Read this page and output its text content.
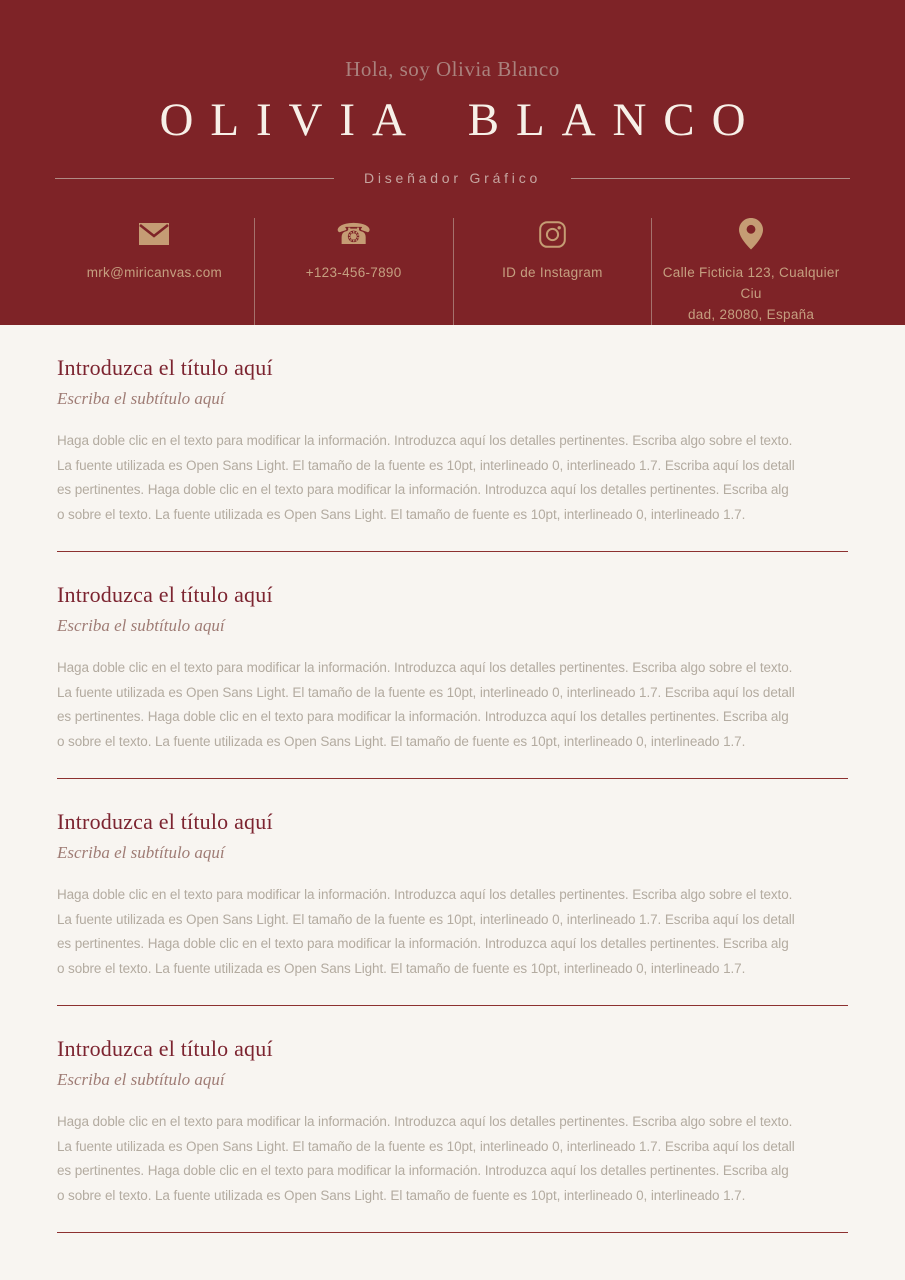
Hola, soy Olivia Blanco
OLIVIA BLANCO
Diseñador Gráfico
mrk@miricanvas.com
☎
+123-456-7890	ID de Instagram	Calle Ficticia 123, Cualquier Ciu
dad, 28080, España
Introduzca el título aquí
Escriba el subtítulo aquí
Haga doble clic en el texto para modificar la información. Introduzca aquí los detalles pertinentes. Escriba algo sobre el texto.
La fuente utilizada es Open Sans Light. El tamaño de la fuente es 10pt, interlineado 0, interlineado 1.7. Escriba aquí los detall
es pertinentes. Haga doble clic en el texto para modificar la información. Introduzca aquí los detalles pertinentes. Escriba alg
o sobre el texto. La fuente utilizada es Open Sans Light. El tamaño de fuente es 10pt, interlineado 0, interlineado 1.7.
Introduzca el título aquí
Escriba el subtítulo aquí
Haga doble clic en el texto para modificar la información. Introduzca aquí los detalles pertinentes. Escriba algo sobre el texto.
La fuente utilizada es Open Sans Light. El tamaño de la fuente es 10pt, interlineado 0, interlineado 1.7. Escriba aquí los detall
es pertinentes. Haga doble clic en el texto para modificar la información. Introduzca aquí los detalles pertinentes. Escriba alg
o sobre el texto. La fuente utilizada es Open Sans Light. El tamaño de fuente es 10pt, interlineado 0, interlineado 1.7.
Introduzca el título aquí
Escriba el subtítulo aquí
Haga doble clic en el texto para modificar la información. Introduzca aquí los detalles pertinentes. Escriba algo sobre el texto.
La fuente utilizada es Open Sans Light. El tamaño de la fuente es 10pt, interlineado 0, interlineado 1.7. Escriba aquí los detall
es pertinentes. Haga doble clic en el texto para modificar la información. Introduzca aquí los detalles pertinentes. Escriba alg
o sobre el texto. La fuente utilizada es Open Sans Light. El tamaño de fuente es 10pt, interlineado 0, interlineado 1.7.
Introduzca el título aquí
Escriba el subtítulo aquí
Haga doble clic en el texto para modificar la información. Introduzca aquí los detalles pertinentes. Escriba algo sobre el texto.
La fuente utilizada es Open Sans Light. El tamaño de la fuente es 10pt, interlineado 0, interlineado 1.7. Escriba aquí los detall
es pertinentes. Haga doble clic en el texto para modificar la información. Introduzca aquí los detalles pertinentes. Escriba alg
o sobre el texto. La fuente utilizada es Open Sans Light. El tamaño de fuente es 10pt, interlineado 0, interlineado 1.7.
